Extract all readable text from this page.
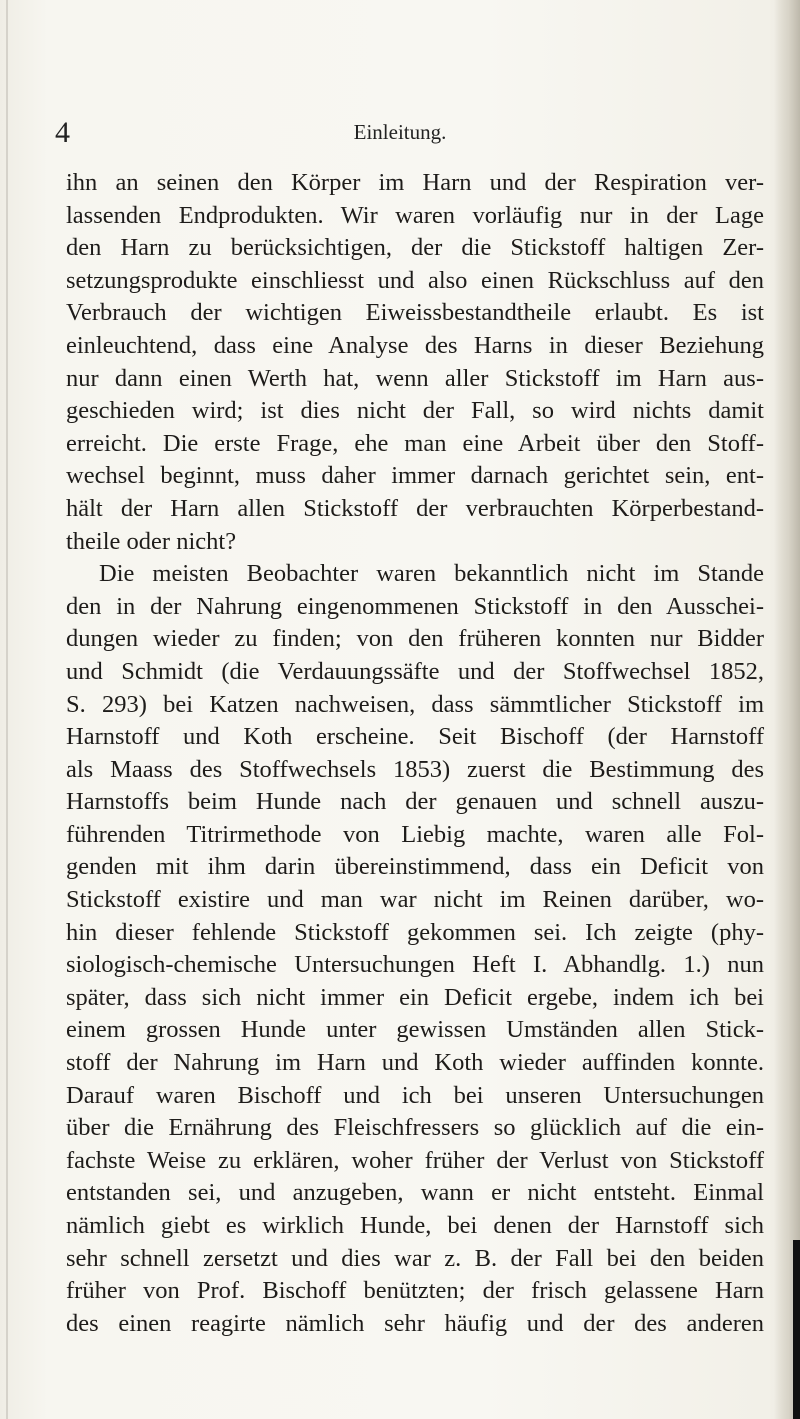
4	Einleitung.
ihn an seinen den Körper im Harn und der Respiration ver-
lassenden Endprodukten. Wir waren vorläufig nur in der Lage
den Harn zu berücksichtigen, der die Stickstoff haltigen Zer-
setzungsprodukte einschliesst und also einen Rückschluss auf den
Verbrauch der wichtigen Eiweissbestandtheile erlaubt. Es ist
einleuchtend, dass eine Analyse des Harns in dieser Beziehung
nur dann einen Werth hat, wenn aller Stickstoff im Harn aus-
geschieden wird; ist dies nicht der Fall, so wird nichts damit
erreicht. Die erste Frage, ehe man eine Arbeit über den Stoff-
wechsel beginnt, muss daher immer darnach gerichtet sein, ent-
hält der Harn allen Stickstoff der verbrauchten Körperbestand-
theile oder nicht?
Die meisten Beobachter waren bekanntlich nicht im Stande
den in der Nahrung eingenommenen Stickstoff in den Ausschei-
dungen wieder zu finden; von den früheren konnten nur Bidder
und Schmidt (die Verdauungssäfte und der Stoffwechsel 1852,
S. 293) bei Katzen nachweisen, dass sämmtlicher Stickstoff im
Harnstoff und Koth erscheine. Seit Bischoff (der Harnstoff
als Maass des Stoffwechsels 1853) zuerst die Bestimmung des
Harnstoffs beim Hunde nach der genauen und schnell auszu-
führenden Titrirmethode von Liebig machte, waren alle Fol-
genden mit ihm darin übereinstimmend, dass ein Deficit von
Stickstoff existire und man war nicht im Reinen darüber, wo-
hin dieser fehlende Stickstoff gekommen sei. Ich zeigte (phy-
siologisch-chemische Untersuchungen Heft I. Abhandlg. 1.) nun
später, dass sich nicht immer ein Deficit ergebe, indem ich bei
einem grossen Hunde unter gewissen Umständen allen Stick-
stoff der Nahrung im Harn und Koth wieder auffinden konnte.
Darauf waren Bischoff und ich bei unseren Untersuchungen
über die Ernährung des Fleischfressers so glücklich auf die ein-
fachste Weise zu erklären, woher früher der Verlust von Stickstoff
entstanden sei, und anzugeben, wann er nicht entsteht. Einmal
nämlich giebt es wirklich Hunde, bei denen der Harnstoff sich
sehr schnell zersetzt und dies war z. B. der Fall bei den beiden
früher von Prof. Bischoff benützten; der frisch gelassene Harn
des einen reagirte nämlich sehr häufig und der des anderen
